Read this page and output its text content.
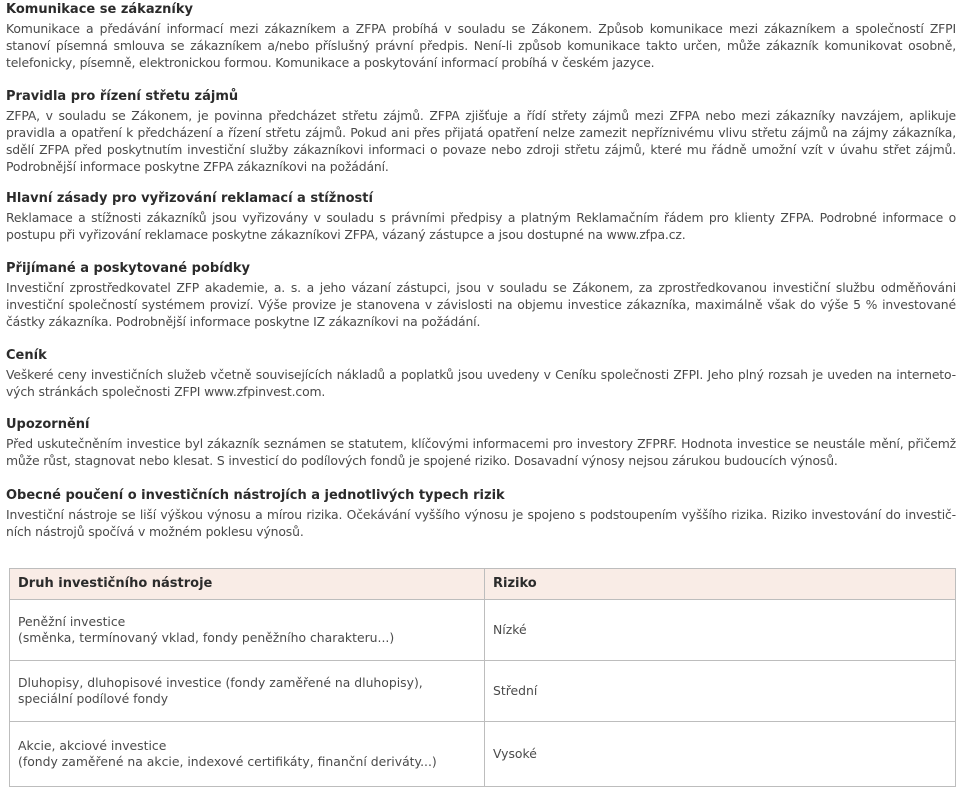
Komunikace se zákazníky

Komunikace a předávání informací mezi zákazníkem a ZFPA probíhá v souladu se Zákonem. Způsob komunikace mezi zákazníkem a společností ZFPI stanoví písemná smlouva se zákazníkem a/nebo příslušný právní předpis. Není-li způsob komunikace takto určen, může zákazník komunikovat osobně, telefonicky, písemně, elektronickou formou. Komunikace a poskytování informací probíhá v českém jazyce.

Pravidla pro řízení střetu zájmů

ZFPA, v souladu se Zákonem, je povinna předcházet střetu zájmů. ZFPA zjišťuje a řídí střety zájmů mezi ZFPA nebo mezi zákazníky navzájem, aplikuje pravidla a opatření k předcházení a řízení střetu zájmů. Pokud ani přes přijatá opatření nelze zamezit nepříznivému vlivu střetu zájmů na zájmy zákazníka, sdělí ZFPA před poskytnutím investiční služby zákazníkovi informaci o povaze nebo zdroji střetu zájmů, které mu řádně umožní vzít v úvahu střet zájmů. Podrobnější informace poskytne ZFPA zákazníkovi na požádání.

Hlavní zásady pro vyřizování reklamací a stížností

Reklamace a stížnosti zákazníků jsou vyřizovány v souladu s právními předpisy a platným Reklamačním řádem pro klienty ZFPA. Podrobné informace o postupu při vyřizování reklamace poskytne zákazníkovi ZFPA, vázaný zástupce a jsou dostupné na www.zfpa.cz.

Přijímané a poskytované pobídky

Investiční zprostředkovatel ZFP akademie, a. s. a jeho vázaní zástupci, jsou v souladu se Zákonem, za zprostředkovanou investiční službu odměňováni investiční společností systémem provizí. Výše provize je stanovena v závislosti na objemu investice zákazníka, maximálně však do výše 5 % investované částky zákazníka. Podrobnější informace poskytne IZ zákazníkovi na požádání.

Ceník

Veškeré ceny investičních služeb včetně souvisejících nákladů a poplatků jsou uvedeny v Ceníku společnosti ZFPI. Jeho plný rozsah je uveden na interneto-vých stránkách společnosti ZFPI www.zfpinvest.com.

Upozornění

Před uskutečněním investice byl zákazník seznámen se statutem, klíčovými informacemi pro investory ZFPRF. Hodnota investice se neustále mění, přičemž může růst, stagnovat nebo klesat. S investicí do podílových fondů je spojené riziko. Dosavadní výnosy nejsou zárukou budoucích výnosů.

Obecné poučení o investičních nástrojích a jednotlivých typech rizik

Investiční nástroje se liší výškou výnosu a mírou rizika. Očekávání vyššího výnosu je spojeno s podstoupením vyššího rizika. Riziko investování do investič-ních nástrojů spočívá v možném poklesu výnosů.

Druh investičního nástroje	Riziko

Peněžní investice
(směnka, termínovaný vklad, fondy peněžního charakteru...)	Nízké

Dluhopisy, dluhopisové investice (fondy zaměřené na dluhopisy),
speciální podílové fondy	Střední

Akcie, akciové investice
(fondy zaměřené na akcie, indexové certifikáty, finanční deriváty...)	Vysoké
